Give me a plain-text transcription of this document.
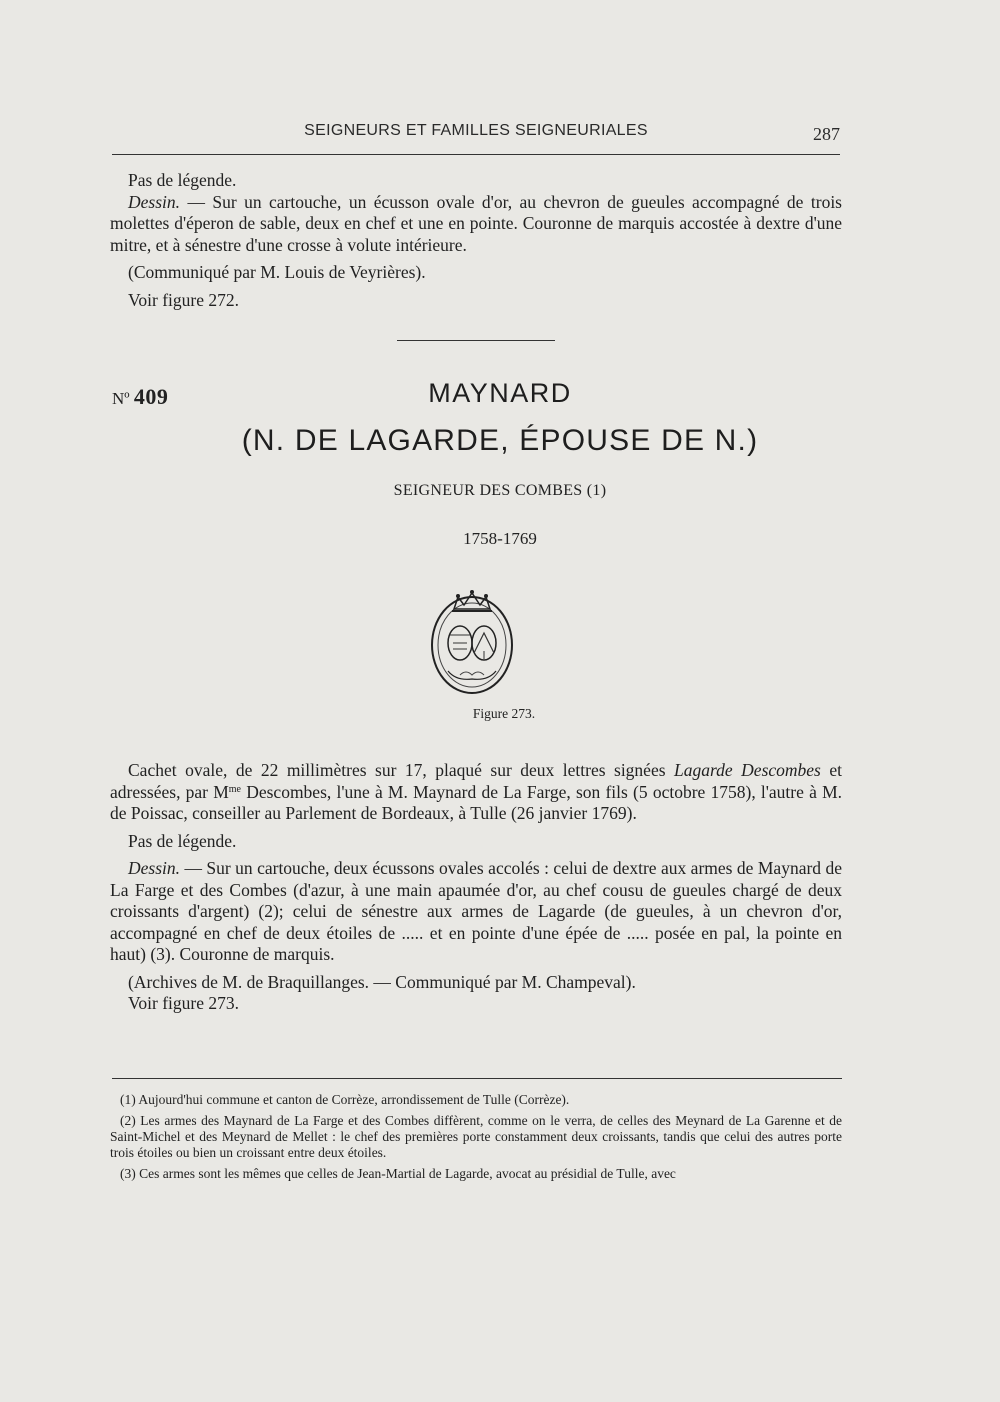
SEIGNEURS ET FAMILLES SEIGNEURIALES	287

Pas de légende.

Dessin. — Sur un cartouche, un écusson ovale d'or, au chevron de gueules accompagné de trois molettes d'éperon de sable, deux en chef et une en pointe. Couronne de marquis accostée à dextre d'une mitre, et à sénestre d'une crosse à volute intérieure.

(Communiqué par M. Louis de Veyrières).

Voir figure 272.

Nº 409	MAYNARD
(N. DE LAGARDE, ÉPOUSE DE N.)
SEIGNEUR DES COMBES (1)
1758-1769
Figure 273.

Cachet ovale, de 22 millimètres sur 17, plaqué sur deux lettres signées Lagarde Descombes et adressées, par $M^{me}$ Descombes, l'une à M. Maynard de La Farge, son fils (5 octobre 1758), l'autre à M. de Poissac, conseiller au Parlement de Bordeaux, à Tulle (26 janvier 1769).

Pas de légende.

Dessin. — Sur un cartouche, deux écussons ovales accolés : celui de dextre aux armes de Maynard de La Farge et des Combes (d'azur, à une main apaumée d'or, au chef cousu de gueules chargé de deux croissants d'argent) (2); celui de sénestre aux armes de Lagarde (de gueules, à un chevron d'or, accompagné en chef de deux étoiles de ..... et en pointe d'une épée de ..... posée en pal, la pointe en haut) (3). Couronne de marquis.

(Archives de M. de Braquillanges. — Communiqué par M. Champeval).

Voir figure 273.

(1) Aujourd'hui commune et canton de Corrèze, arrondissement de Tulle (Corrèze).

(2) Les armes des Maynard de La Farge et des Combes diffèrent, comme on le verra, de celles des Meynard de La Garenne et de Saint-Michel et des Meynard de Mellet : le chef des premières porte constamment deux croissants, tandis que celui des autres porte trois étoiles ou bien un croissant entre deux étoiles.

(3) Ces armes sont les mêmes que celles de Jean-Martial de Lagarde, avocat au présidial de Tulle, avec
